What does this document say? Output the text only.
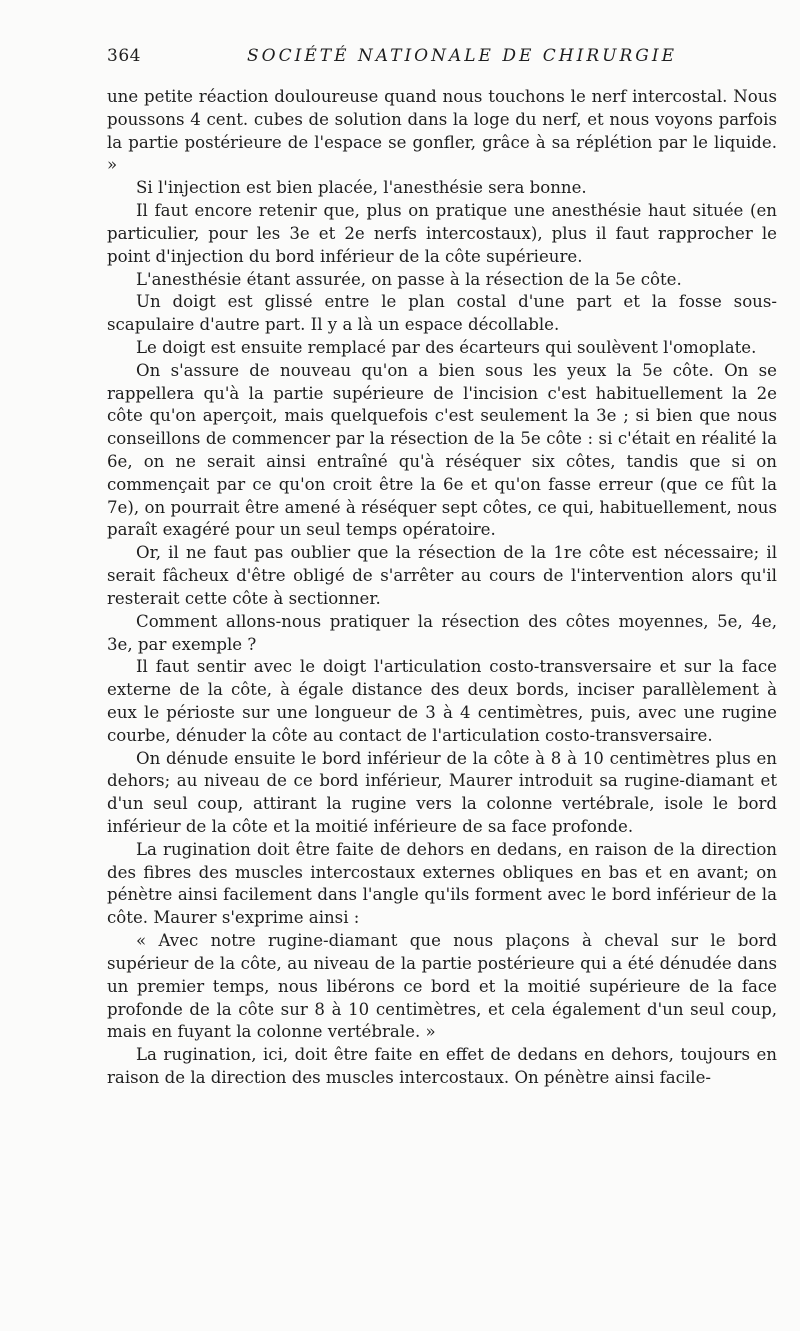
364	SOCIÉTÉ NATIONALE DE CHIRURGIE

une petite réaction douloureuse quand nous touchons le nerf intercostal. Nous poussons 4 cent. cubes de solution dans la loge du nerf, et nous voyons parfois la partie postérieure de l'espace se gonfler, grâce à sa réplétion par le liquide. »

Si l'injection est bien placée, l'anesthésie sera bonne.

Il faut encore retenir que, plus on pratique une anesthésie haut située (en particulier, pour les 3e et 2e nerfs intercostaux), plus il faut rapprocher le point d'injection du bord inférieur de la côte supérieure.

L'anesthésie étant assurée, on passe à la résection de la 5e côte.

Un doigt est glissé entre le plan costal d'une part et la fosse sous-scapulaire d'autre part. Il y a là un espace décollable.

Le doigt est ensuite remplacé par des écarteurs qui soulèvent l'omoplate.

On s'assure de nouveau qu'on a bien sous les yeux la 5e côte. On se rappellera qu'à la partie supérieure de l'incision c'est habituellement la 2e côte qu'on aperçoit, mais quelquefois c'est seulement la 3e ; si bien que nous conseillons de commencer par la résection de la 5e côte : si c'était en réalité la 6e, on ne serait ainsi entraîné qu'à réséquer six côtes, tandis que si on commençait par ce qu'on croit être la 6e et qu'on fasse erreur (que ce fût la 7e), on pourrait être amené à réséquer sept côtes, ce qui, habituellement, nous paraît exagéré pour un seul temps opératoire.

Or, il ne faut pas oublier que la résection de la 1re côte est nécessaire; il serait fâcheux d'être obligé de s'arrêter au cours de l'intervention alors qu'il resterait cette côte à sectionner.

Comment allons-nous pratiquer la résection des côtes moyennes, 5e, 4e, 3e, par exemple ?

Il faut sentir avec le doigt l'articulation costo-transversaire et sur la face externe de la côte, à égale distance des deux bords, inciser parallèlement à eux le périoste sur une longueur de 3 à 4 centimètres, puis, avec une rugine courbe, dénuder la côte au contact de l'articulation costo-transversaire.

On dénude ensuite le bord inférieur de la côte à 8 à 10 centimètres plus en dehors; au niveau de ce bord inférieur, Maurer introduit sa rugine-diamant et d'un seul coup, attirant la rugine vers la colonne vertébrale, isole le bord inférieur de la côte et la moitié inférieure de sa face profonde.

La rugination doit être faite de dehors en dedans, en raison de la direction des fibres des muscles intercostaux externes obliques en bas et en avant; on pénètre ainsi facilement dans l'angle qu'ils forment avec le bord inférieur de la côte. Maurer s'exprime ainsi :

« Avec notre rugine-diamant que nous plaçons à cheval sur le bord supérieur de la côte, au niveau de la partie postérieure qui a été dénudée dans un premier temps, nous libérons ce bord et la moitié supérieure de la face profonde de la côte sur 8 à 10 centimètres, et cela également d'un seul coup, mais en fuyant la colonne vertébrale. »

La rugination, ici, doit être faite en effet de dedans en dehors, toujours en raison de la direction des muscles intercostaux. On pénètre ainsi facile-
